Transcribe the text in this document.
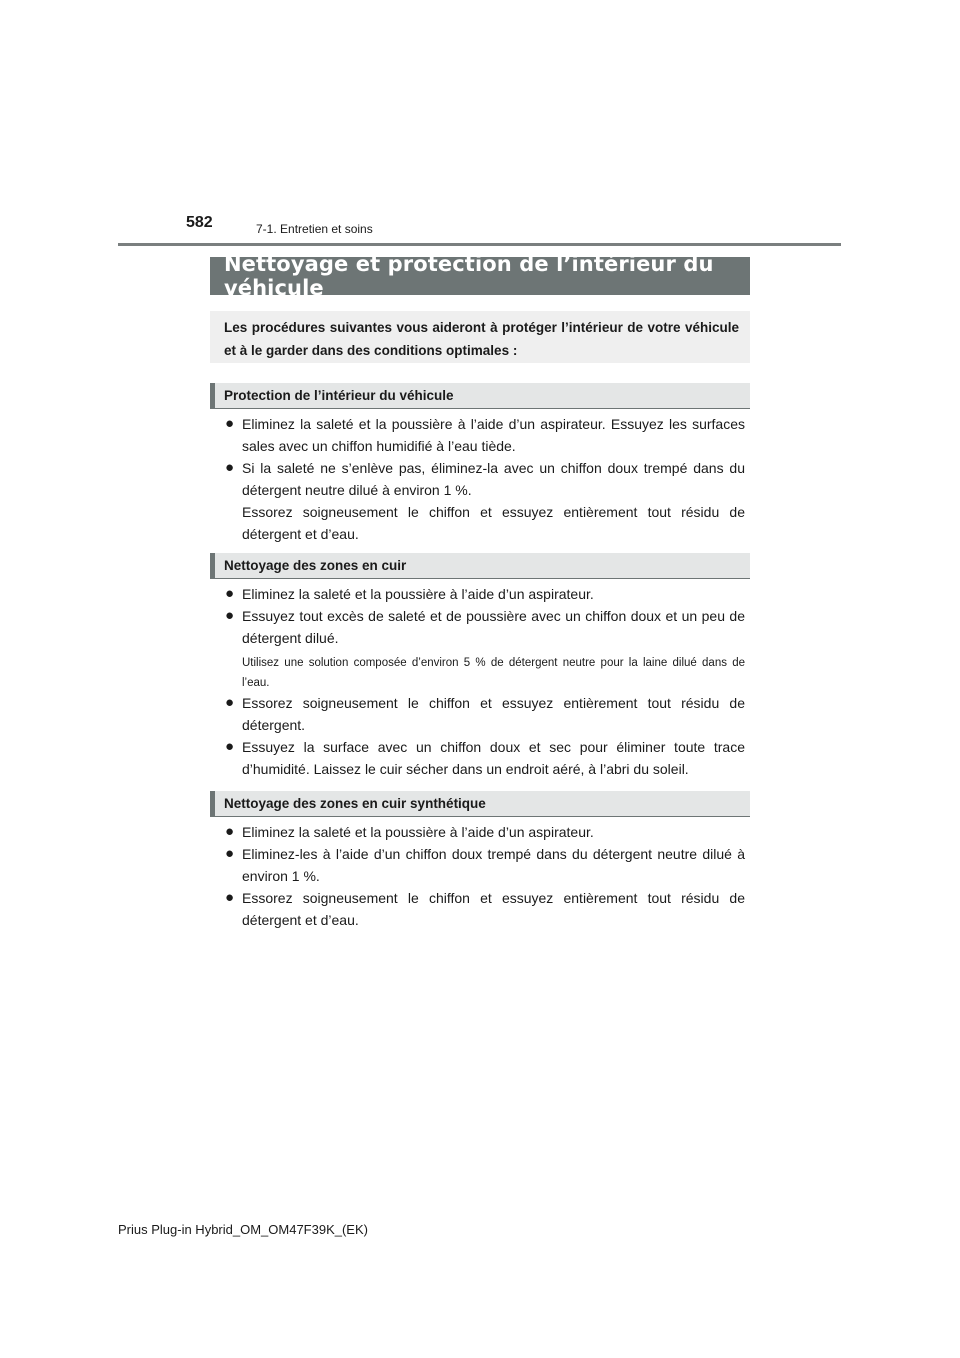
582	7-1. Entretien et soins
Nettoyage et protection de l’intérieur du véhicule
Les procédures suivantes vous aideront à protéger l’intérieur de votre véhicule et à le garder dans des conditions optimales :
Protection de l’intérieur du véhicule
● Eliminez la saleté et la poussière à l’aide d’un aspirateur. Essuyez les surfaces sales avec un chiffon humidifié à l’eau tiède.
● Si la saleté ne s’enlève pas, éliminez-la avec un chiffon doux trempé dans du détergent neutre dilué à environ 1 %.
Essorez soigneusement le chiffon et essuyez entièrement tout résidu de détergent et d’eau.
Nettoyage des zones en cuir
● Eliminez la saleté et la poussière à l’aide d’un aspirateur.
● Essuyez tout excès de saleté et de poussière avec un chiffon doux et un peu de détergent dilué.
Utilisez une solution composée d’environ 5 % de détergent neutre pour la laine dilué dans de l’eau.
● Essorez soigneusement le chiffon et essuyez entièrement tout résidu de détergent.
● Essuyez la surface avec un chiffon doux et sec pour éliminer toute trace d’humidité. Laissez le cuir sécher dans un endroit aéré, à l’abri du soleil.
Nettoyage des zones en cuir synthétique
● Eliminez la saleté et la poussière à l’aide d’un aspirateur.
● Eliminez-les à l’aide d’un chiffon doux trempé dans du détergent neutre dilué à environ 1 %.
● Essorez soigneusement le chiffon et essuyez entièrement tout résidu de détergent et d’eau.
Prius Plug-in Hybrid_OM_OM47F39K_(EK)
